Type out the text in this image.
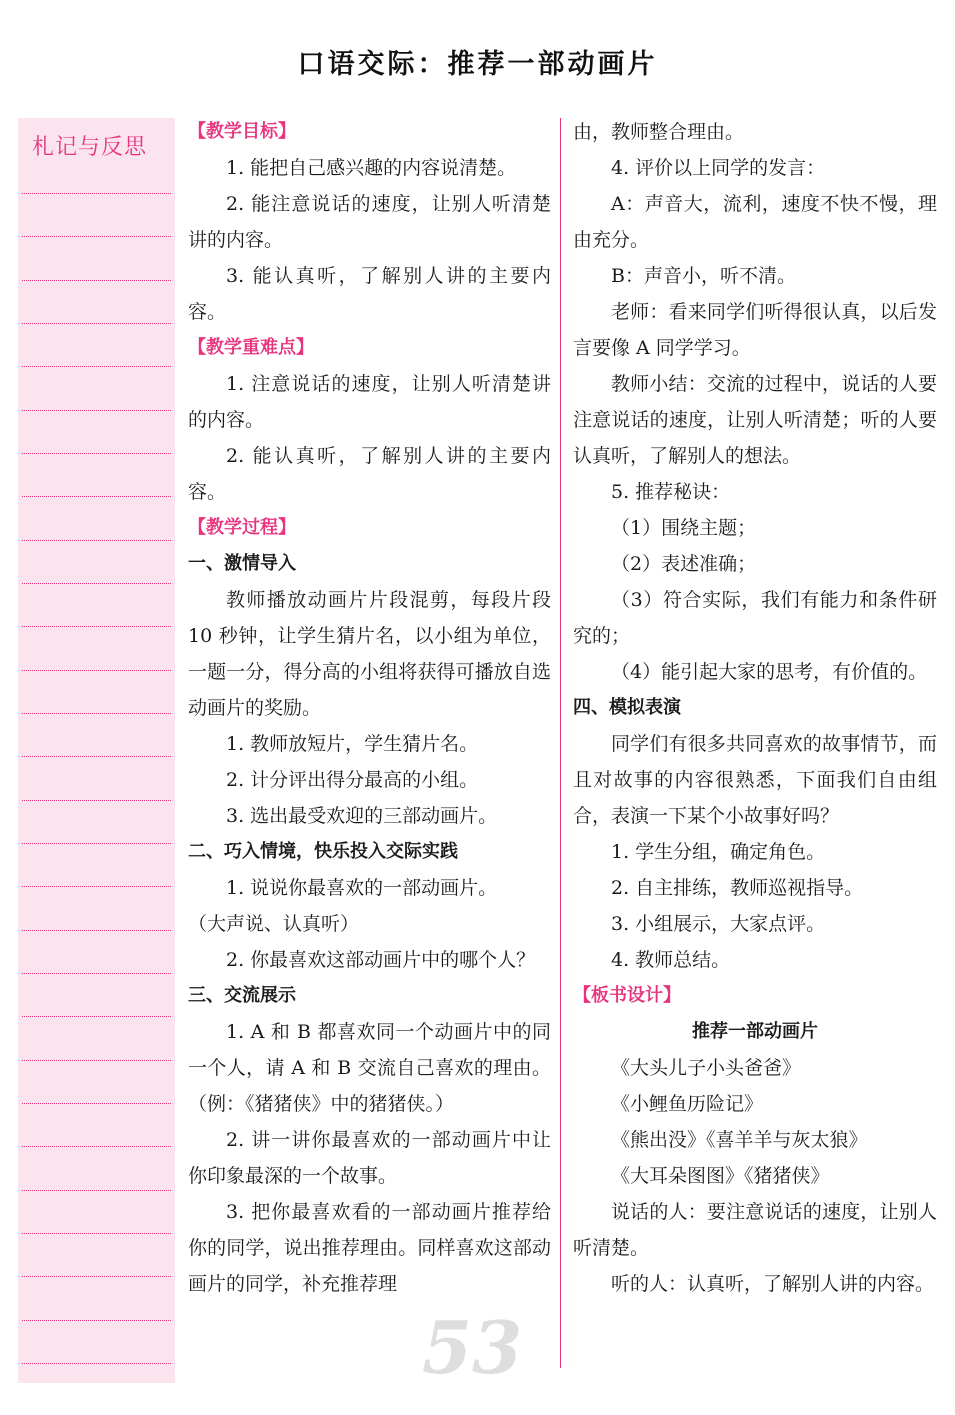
口语交际：推荐一部动画片
札记与反思
53

【教学目标】

1. 能把自己感兴趣的内容说清楚。

2. 能注意说话的速度，让别人听清楚讲的内容。

3. 能认真听，了解别人讲的主要内容。

【教学重难点】

1. 注意说话的速度，让别人听清楚讲的内容。

2. 能认真听，了解别人讲的主要内容。

【教学过程】

一、激情导入

教师播放动画片片段混剪，每段片段 10 秒钟，让学生猜片名，以小组为单位，一题一分，得分高的小组将获得可播放自选动画片的奖励。

1. 教师放短片，学生猜片名。

2. 计分评出得分最高的小组。

3. 选出最受欢迎的三部动画片。

二、巧入情境，快乐投入交际实践

1. 说说你最喜欢的一部动画片。

（大声说、认真听）

2. 你最喜欢这部动画片中的哪个人？

三、交流展示

1. A 和 B 都喜欢同一个动画片中的同一个人，请 A 和 B 交流自己喜欢的理由。（例：《猪猪侠》中的猪猪侠。）

2. 讲一讲你最喜欢的一部动画片中让你印象最深的一个故事。

3. 把你最喜欢看的一部动画片推荐给你的同学，说出推荐理由。同样喜欢这部动画片的同学，补充推荐理

由，教师整合理由。

4. 评价以上同学的发言：

A：声音大，流利，速度不快不慢，理由充分。

B：声音小，听不清。

老师：看来同学们听得很认真，以后发言要像 A 同学学习。

教师小结：交流的过程中，说话的人要注意说话的速度，让别人听清楚；听的人要认真听，了解别人的想法。

5. 推荐秘诀：

（1）围绕主题；

（2）表述准确；

（3）符合实际，我们有能力和条件研究的；

（4）能引起大家的思考，有价值的。

四、模拟表演

同学们有很多共同喜欢的故事情节，而且对故事的内容很熟悉，下面我们自由组合，表演一下某个小故事好吗？

1. 学生分组，确定角色。

2. 自主排练，教师巡视指导。

3. 小组展示，大家点评。

4. 教师总结。

【板书设计】

推荐一部动画片

《大头儿子小头爸爸》

《小鲤鱼历险记》

《熊出没》《喜羊羊与灰太狼》

《大耳朵图图》《猪猪侠》

说话的人：要注意说话的速度，让别人听清楚。

听的人：认真听，了解别人讲的内容。
